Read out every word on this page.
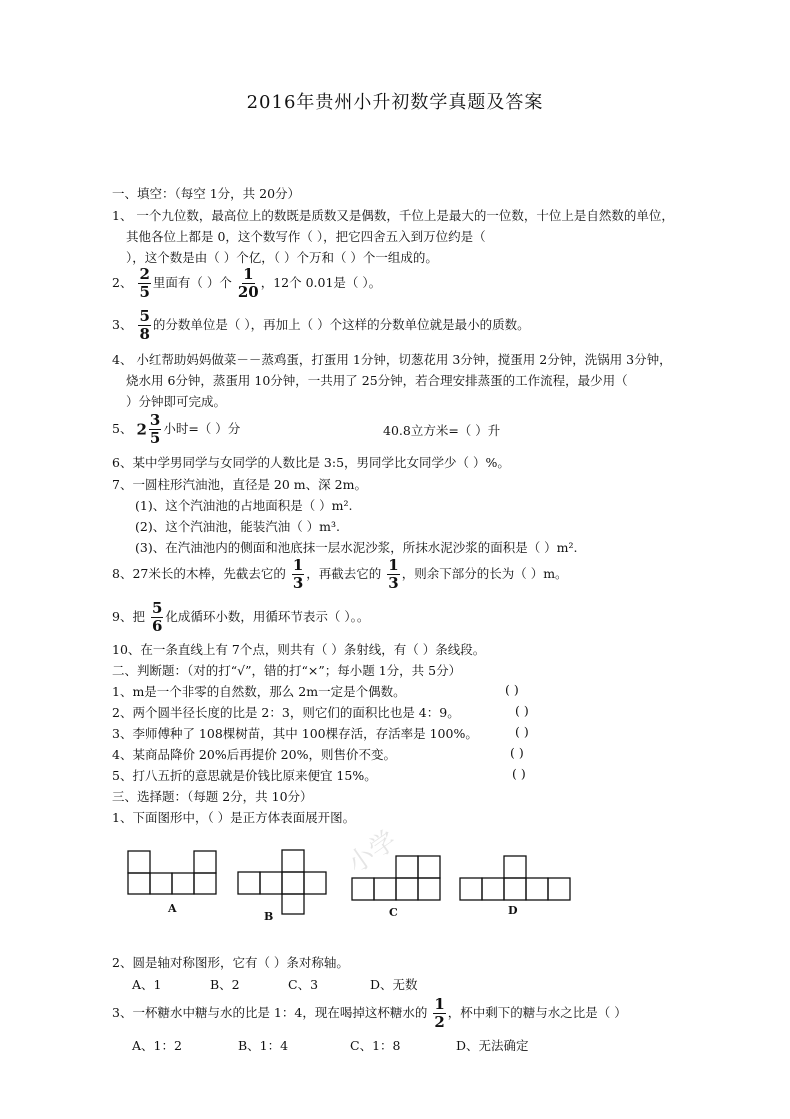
2016年贵州小升初数学真题及答案
一、填空：（每空 1分，共 20分）
1、 一个九位数，最高位上的数既是质数又是偶数，千位上是最大的一位数，十位上是自然数的单位，
其他各位上都是 0，这个数写作（ ），把它四舍五入到万位约是（
），这个数是由（ ）个亿，（ ）个万和（ ）个一组成的。
2、 $\frac{2}{5}$ 里面有（ ）个 $\frac{1}{20}$ ，12个 0.01是（ ）。
3、 $\frac{5}{8}$ 的分数单位是（ ），再加上（ ）个这样的分数单位就是最小的质数。
4、 小红帮助妈妈做菜－－蒸鸡蛋，打蛋用 1分钟，切葱花用 3分钟，搅蛋用 2分钟，洗锅用 3分钟，
烧水用 6分钟，蒸蛋用 10分钟，一共用了 25分钟，若合理安排蒸蛋的工作流程，最少用（
）分钟即可完成。
5、 $2 \frac{3}{5}$ 小时=（ ）分	40.8立方米=（ ）升
6、某中学男同学与女同学的人数比是 3:5，男同学比女同学少（ ）%。
7、一圆柱形汽油池，直径是 20 m、深 2m。
(1)、这个汽油池的占地面积是（ ）m².
(2)、这个汽油池，能装汽油（ ）m³.
(3)、在汽油池内的侧面和池底抹一层水泥沙浆，所抹水泥沙浆的面积是（ ）m².
8、27米长的木棒，先截去它的 $\frac{1}{3}$ ，再截去它的 $\frac{1}{3}$ ，则余下部分的长为（ ）m。
9、把 $\frac{5}{6}$ 化成循环小数，用循环节表示（ ）。。
10、在一条直线上有 7个点，则共有（ ）条射线，有（ ）条线段。
二、判断题：（对的打“√”，错的打“×”；每小题 1分，共 5分）
1、m是一个非零的自然数，那么 2m一定是个偶数。	( )
2、两个圆半径长度的比是 2：3，则它们的面积比也是 4：9。	( )
3、李师傅种了 108棵树苗，其中 100棵存活，存活率是 100%。	( )
4、某商品降价 20%后再提价 20%，则售价不变。	( )
5、打八五折的意思就是价钱比原来便宜 15%。	( )
三、选择题：（每题 2分，共 10分）
1、下面图形中，（ ）是正方体表面展开图。
小学
A
B	C	D
2、圆是轴对称图形，它有（ ）条对称轴。
A、1	B、2	C、3	D、无数
3、一杯糖水中糖与水的比是 1：4，现在喝掉这杯糖水的 $\frac{1}{2}$ ，杯中剩下的糖与水之比是（ ）
A、1：2	B、1：4	C、1：8	D、无法确定
